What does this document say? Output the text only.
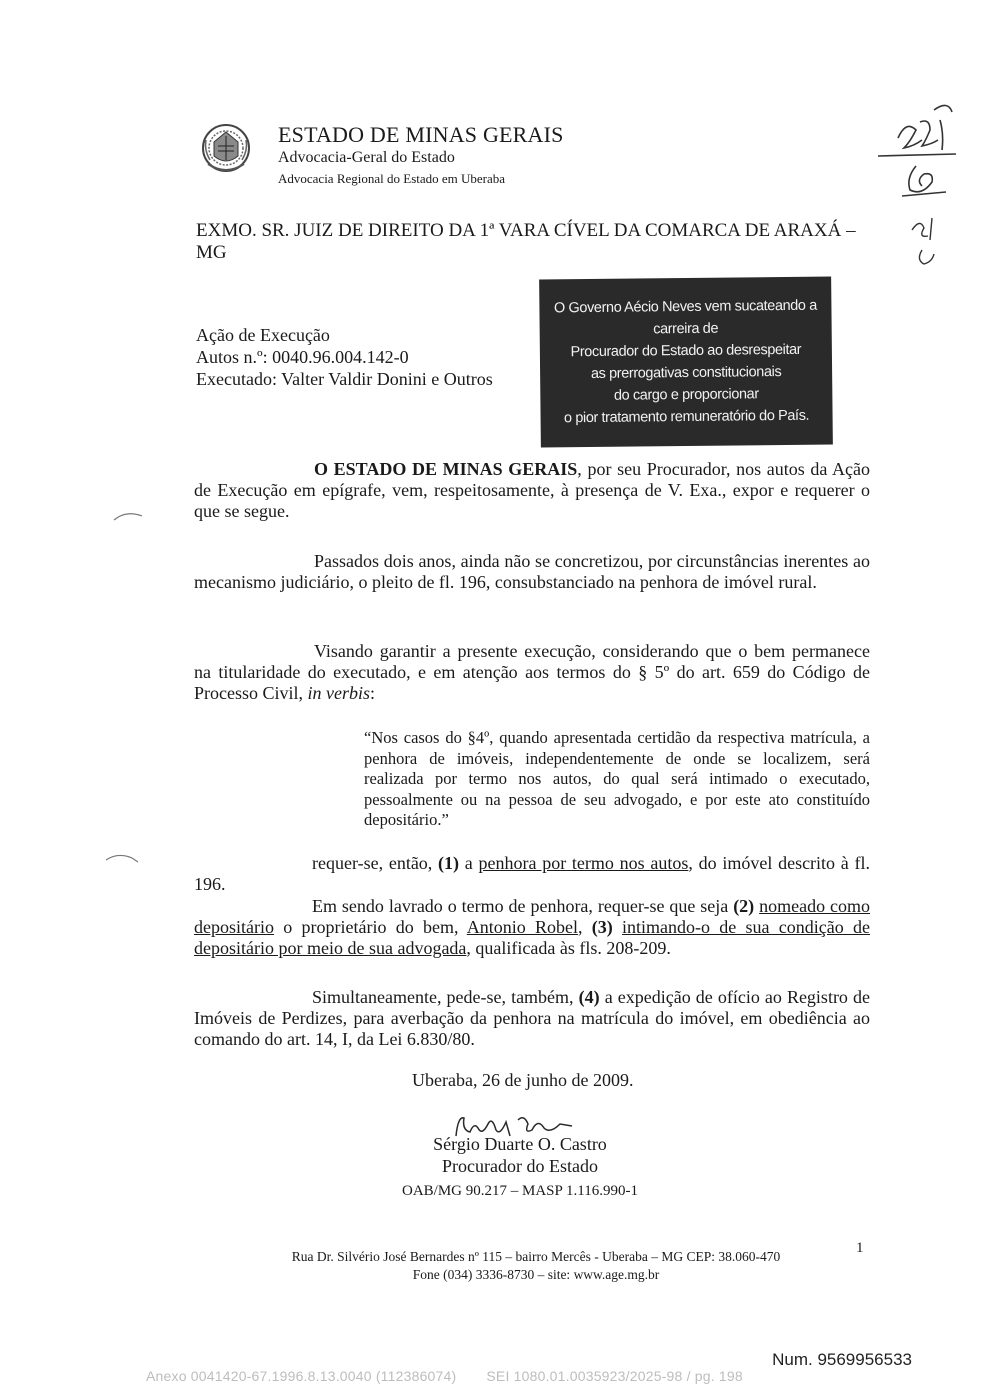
ESTADO DE MINAS GERAIS
Advocacia-Geral do Estado
Advocacia Regional do Estado em Uberaba
EXMO. SR. JUIZ DE DIREITO DA 1ª VARA CÍVEL DA COMARCA DE ARAXÁ – MG
Ação de Execução
Autos n.º: 0040.96.004.142-0
Executado: Valter Valdir Donini e Outros
O Governo Aécio Neves vem sucateando a carreira de
Procurador do Estado ao desrespeitar
as prerrogativas constitucionais
do cargo e proporcionar
o pior tratamento remuneratório do País.
O ESTADO DE MINAS GERAIS, por seu Procurador, nos autos da Ação de Execução em epígrafe, vem, respeitosamente, à presença de V. Exa., expor e requerer o que se segue.
Passados dois anos, ainda não se concretizou, por circunstâncias inerentes ao mecanismo judiciário, o pleito de fl. 196, consubstanciado na penhora de imóvel rural.
Visando garantir a presente execução, considerando que o bem permanece na titularidade do executado, e em atenção aos termos do § 5º do art. 659 do Código de Processo Civil, in verbis:
“Nos casos do §4º, quando apresentada certidão da respectiva matrícula, a penhora de imóveis, independentemente de onde se localizem, será realizada por termo nos autos, do qual será intimado o executado, pessoalmente ou na pessoa de seu advogado, e por este ato constituído depositário.”
requer-se, então, (1) a penhora por termo nos autos, do imóvel descrito à fl. 196.
Em sendo lavrado o termo de penhora, requer-se que seja (2) nomeado como depositário o proprietário do bem, Antonio Robel, (3) intimando-o de sua condição de depositário por meio de sua advogada, qualificada às fls. 208-209.
Simultaneamente, pede-se, também, (4) a expedição de ofício ao Registro de Imóveis de Perdizes, para averbação da penhora na matrícula do imóvel, em obediência ao comando do art. 14, I, da Lei 6.830/80.
Uberaba, 26 de junho de 2009.
Sérgio Duarte O. Castro
Procurador do Estado
OAB/MG 90.217 – MASP 1.116.990-1
Rua Dr. Silvério José Bernardes nº 115 – bairro Mercês - Uberaba – MG CEP: 38.060-470
Fone (034) 3336-8730 – site: www.age.mg.br
1
Num. 9569956533
Anexo 0041420-67.1996.8.13.0040 (112386074) SEI 1080.01.0035923/2025-98 / pg. 198
